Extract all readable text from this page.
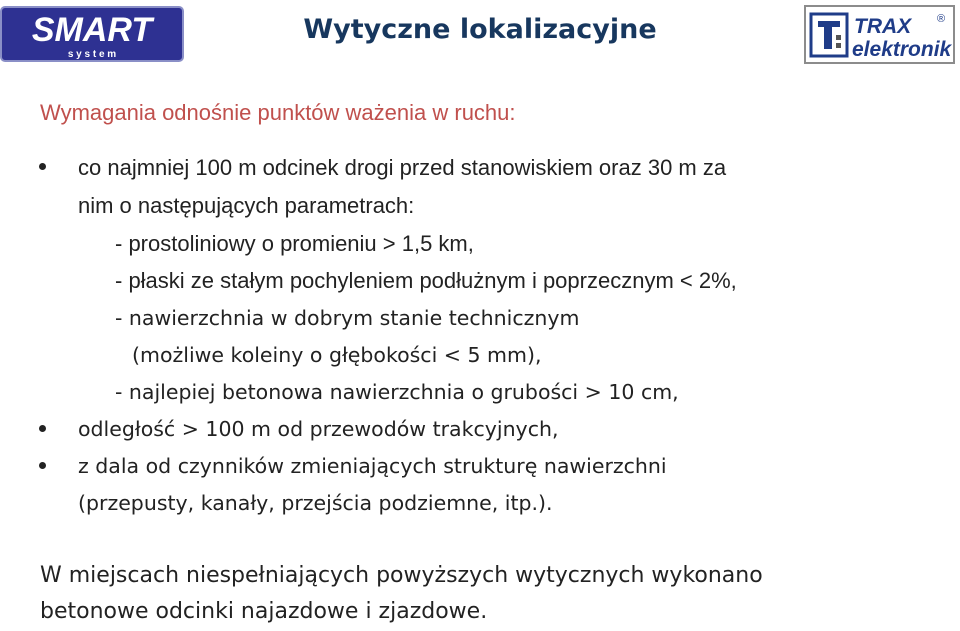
SMART
s y s t e m
Wytyczne lokalizacyjne	TRAX
elektronik
®

Wymagania odnośnie punktów ważenia w ruchu:

co najmniej 100 m odcinek drogi przed stanowiskiem oraz 30 m za

nim o następujących parametrach:

- prostoliniowy o promieniu > 1,5 km,

- płaski ze stałym pochyleniem podłużnym i poprzecznym < 2%,

- nawierzchnia w dobrym stanie technicznym

(możliwe koleiny o głębokości < 5 mm),

- najlepiej betonowa nawierzchnia o grubości > 10 cm,

odległość > 100 m od przewodów trakcyjnych,

z dala od czynników zmieniających strukturę nawierzchni

(przepusty, kanały, przejścia podziemne, itp.).

W miejscach niespełniających powyższych wytycznych wykonano

betonowe odcinki najazdowe i zjazdowe.
